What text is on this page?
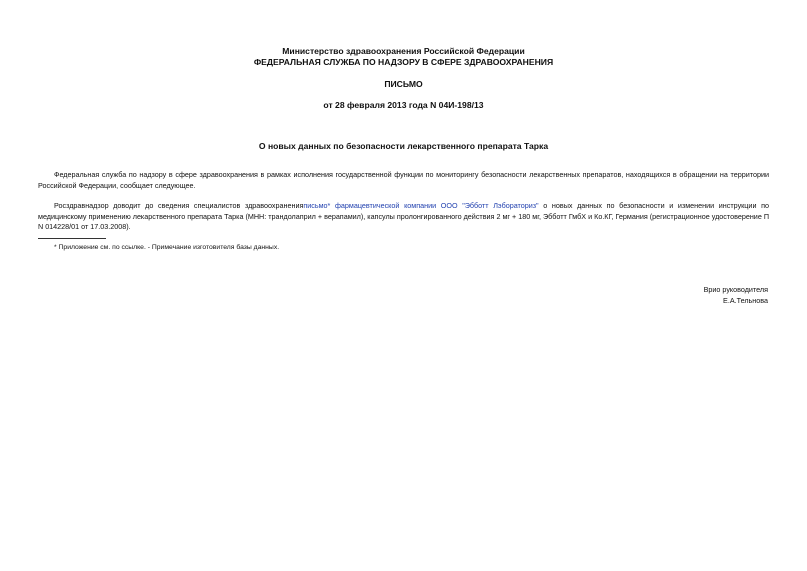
Министерство здравоохранения Российской Федерации
ФЕДЕРАЛЬНАЯ СЛУЖБА ПО НАДЗОРУ В СФЕРЕ ЗДРАВООХРАНЕНИЯ
ПИСЬМО
от 28 февраля 2013 года N 04И-198/13
О новых данных по безопасности лекарственного препарата Тарка
Федеральная служба по надзору в сфере здравоохранения в рамках исполнения государственной функции по мониторингу безопасности лекарственных препаратов, находящихся в обращении на территории Российской Федерации, сообщает следующее.
Росздравнадзор доводит до сведения специалистов здравоохраненияписьмо* фармацевтической компании ООО "Эбботт Лэбораториз" о новых данных по безопасности и изменении инструкции по медицинскому применению лекарственного препарата Тарка (МНН: трандолаприл + верапамил), капсулы пролонгированного действия 2 мг + 180 мг, Эбботт ГмбХ и Ко.КГ, Германия (регистрационное удостоверение П N 014228/01 от 17.03.2008).
* Приложение см. по ссылке. - Примечание изготовителя базы данных.
Врио руководителя
Е.А.Тельнова
